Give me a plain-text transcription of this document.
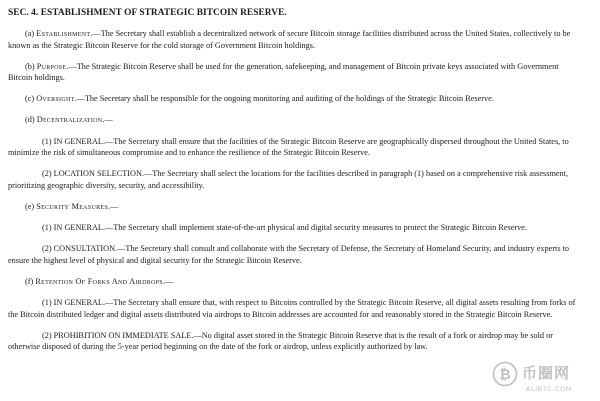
SEC. 4. ESTABLISHMENT OF STRATEGIC BITCOIN RESERVE.

(a) Establishment.—The Secretary shall establish a decentralized network of secure Bitcoin storage facilities distributed across the United States, collectively to be known as the Strategic Bitcoin Reserve for the cold storage of Government Bitcoin holdings.

(b) Purpose.—The Strategic Bitcoin Reserve shall be used for the generation, safekeeping, and management of Bitcoin private keys associated with Government Bitcoin holdings.

(c) Oversight.—The Secretary shall be responsible for the ongoing monitoring and auditing of the holdings of the Strategic Bitcoin Reserve.

(d) Decentralization.—

(1) IN GENERAL.—The Secretary shall ensure that the facilities of the Strategic Bitcoin Reserve are geographically dispersed throughout the United States, to minimize the risk of simultaneous compromise and to enhance the resilience of the Strategic Bitcoin Reserve.

(2) LOCATION SELECTION.—The Secretary shall select the locations for the facilities described in paragraph (1) based on a comprehensive risk assessment, prioritizing geographic diversity, security, and accessibility.

(e) Security Measures.—

(1) IN GENERAL.—The Secretary shall implement state-of-the-art physical and digital security measures to protect the Strategic Bitcoin Reserve.

(2) CONSULTATION.—The Secretary shall consult and collaborate with the Secretary of Defense, the Secretary of Homeland Security, and industry experts to ensure the highest level of physical and digital security for the Strategic Bitcoin Reserve.

(f) Retention Of Forks And Airdrops.—

(1) IN GENERAL.—The Secretary shall ensure that, with respect to Bitcoins controlled by the Strategic Bitcoin Reserve, all digital assets resulting from forks of the Bitcoin distributed ledger and digital assets distributed via airdrops to Bitcoin addresses are accounted for and reasonably stored in the Strategic Bitcoin Reserve.

(2) PROHIBITION ON IMMEDIATE SALE.—No digital asset stored in the Strategic Bitcoin Reserve that is the result of a fork or airdrop may be sold or otherwise disposed of during the 5-year period beginning on the date of the fork or airdrop, unless explicitly authorized by law.

₿ 币圈网
ALIBTC.COM
